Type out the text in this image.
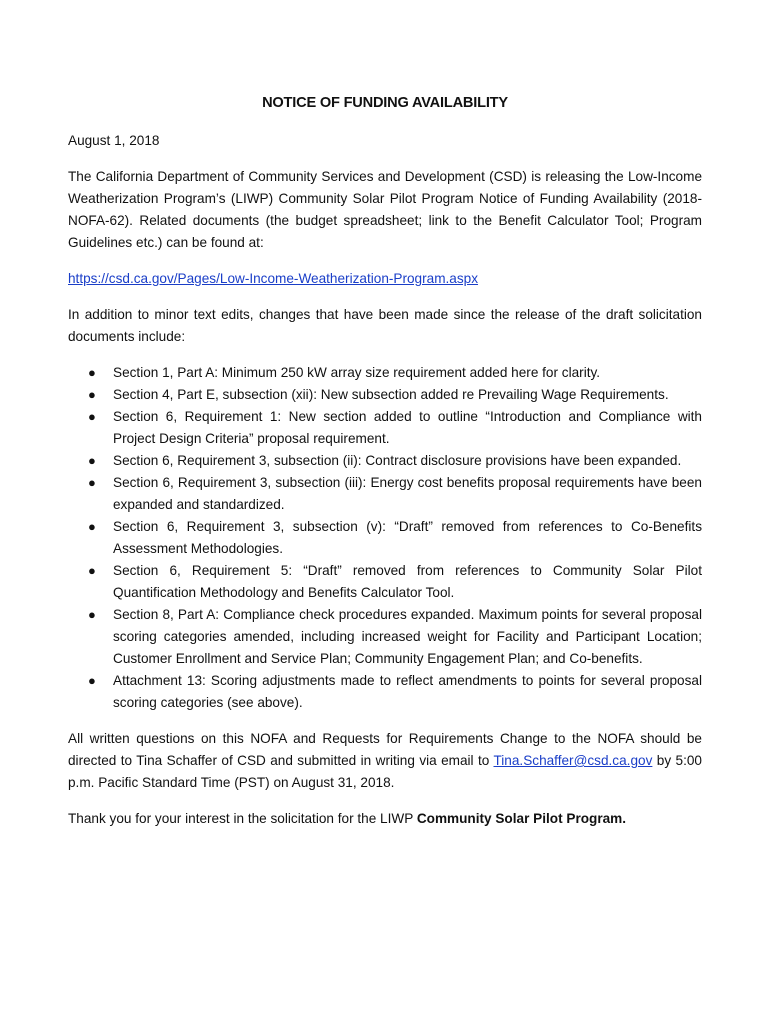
NOTICE OF FUNDING AVAILABILITY

August 1, 2018

The California Department of Community Services and Development (CSD) is releasing the Low-Income Weatherization Program’s (LIWP) Community Solar Pilot Program Notice of Funding Availability (2018-NOFA-62). Related documents (the budget spreadsheet; link to the Benefit Calculator Tool; Program Guidelines etc.) can be found at:

https://csd.ca.gov/Pages/Low-Income-Weatherization-Program.aspx

In addition to minor text edits, changes that have been made since the release of the draft solicitation documents include:

● Section 1, Part A: Minimum 250 kW array size requirement added here for clarity.
● Section 4, Part E, subsection (xii): New subsection added re Prevailing Wage Requirements.
● Section 6, Requirement 1: New section added to outline “Introduction and Compliance with Project Design Criteria” proposal requirement.
● Section 6, Requirement 3, subsection (ii): Contract disclosure provisions have been expanded.
● Section 6, Requirement 3, subsection (iii): Energy cost benefits proposal requirements have been expanded and standardized.
● Section 6, Requirement 3, subsection (v): “Draft” removed from references to Co-Benefits Assessment Methodologies.
● Section 6, Requirement 5: “Draft” removed from references to Community Solar Pilot Quantification Methodology and Benefits Calculator Tool.
● Section 8, Part A: Compliance check procedures expanded. Maximum points for several proposal scoring categories amended, including increased weight for Facility and Participant Location; Customer Enrollment and Service Plan; Community Engagement Plan; and Co-benefits.
● Attachment 13: Scoring adjustments made to reflect amendments to points for several proposal scoring categories (see above).

All written questions on this NOFA and Requests for Requirements Change to the NOFA should be directed to Tina Schaffer of CSD and submitted in writing via email to Tina.Schaffer@csd.ca.gov by 5:00 p.m. Pacific Standard Time (PST) on August 31, 2018.

Thank you for your interest in the solicitation for the LIWP Community Solar Pilot Program.
